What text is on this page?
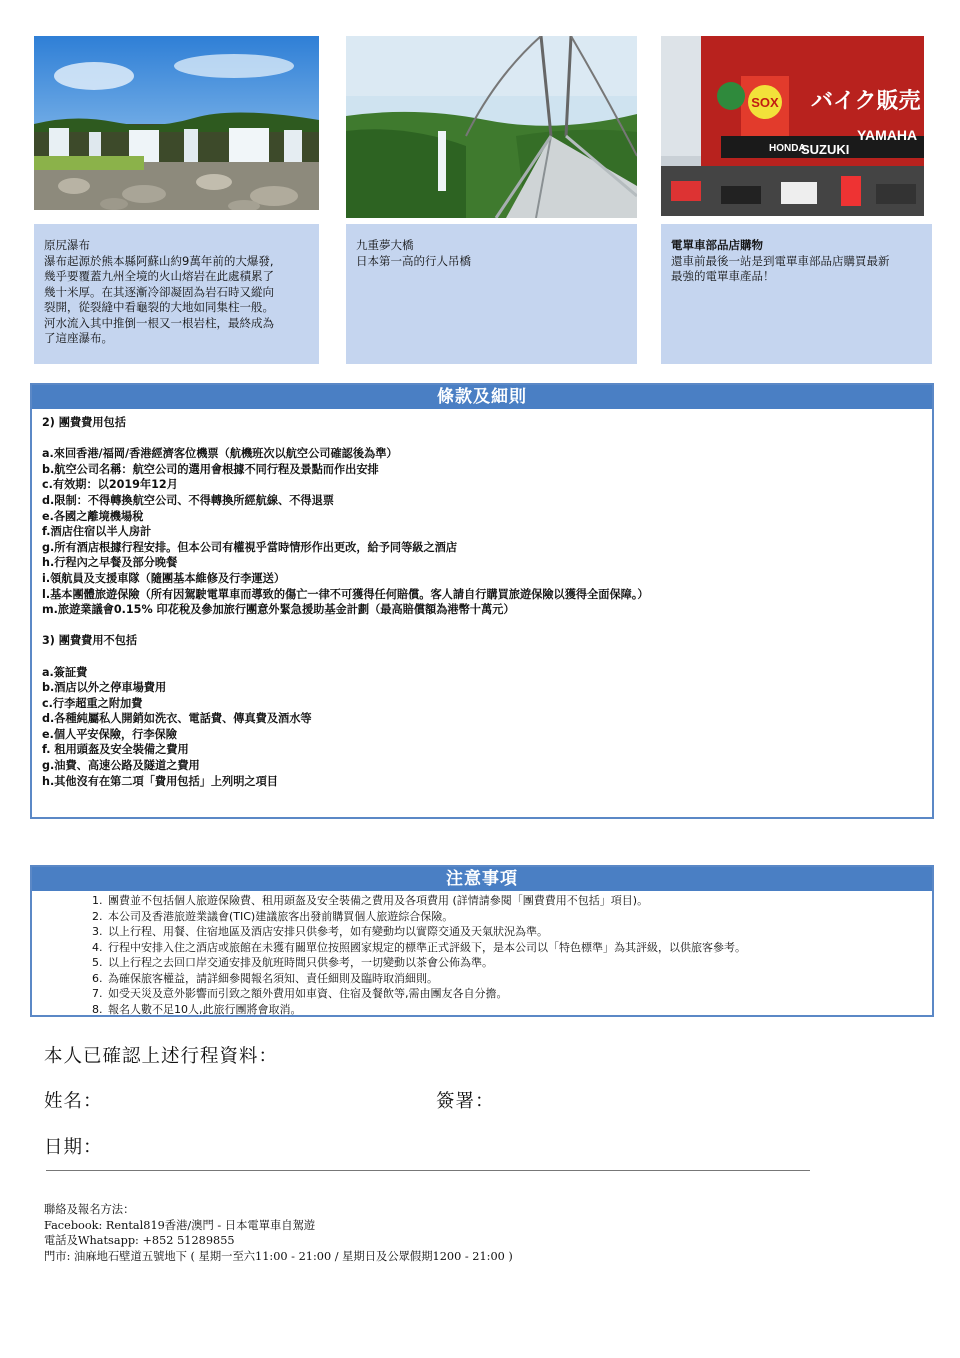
SOX バイク販売
HONDA
SUZUKI
YAMAHA
原尻瀑布
瀑布起源於熊本縣阿蘇山約9萬年前的大爆發,
幾乎要覆蓋九州全境的火山熔岩在此處積累了
幾十米厚。在其逐漸冷卻凝固為岩石時又縱向
裂開，從裂縫中看龜裂的大地如同集柱一般。
河水流入其中推倒一根又一根岩柱，最終成為
了這座瀑布。
九重夢大橋
日本第一高的行人吊橋
電單車部品店購物
還車前最後一站是到電單車部品店購買最新
最強的電單車產品！
條款及細則
2) 團費費用包括
a.來回香港/福岡/香港經濟客位機票（航機班次以航空公司確認後為準）
b.航空公司名稱：航空公司的選用會根據不同行程及景點而作出安排
c.有效期：以2019年12月
d.限制：不得轉換航空公司、不得轉換所經航線、不得退票
e.各國之離境機場稅
f.酒店住宿以半人房計
g.所有酒店根據行程安排。但本公司有權視乎當時情形作出更改，給予同等級之酒店
h.行程內之早餐及部分晚餐
i.領航員及支援車隊（隨團基本維修及行李運送）
l.基本團體旅遊保險（所有因駕駛電單車而導致的傷亡一律不可獲得任何賠償。客人請自行購買旅遊保險以獲得全面保障。）
m.旅遊業議會0.15% 印花稅及參加旅行團意外緊急援助基金計劃（最高賠償額為港幣十萬元）
3) 團費費用不包括
a.簽証費
b.酒店以外之停車場費用
c.行李超重之附加費
d.各種純屬私人開銷如洗衣、電話費、傳真費及酒水等
e.個人平安保險，行李保險
f. 租用頭盔及安全裝備之費用
g.油費、高速公路及隧道之費用
h.其他沒有在第二項「費用包括」上列明之項目
注意事項
1. 團費並不包括個人旅遊保險費、租用頭盔及安全裝備之費用及各項費用 (詳情請參閱「團費費用不包括」項目)。
2. 本公司及香港旅遊業議會(TIC)建議旅客出發前購買個人旅遊綜合保險。
3. 以上行程、用餐、住宿地區及酒店安排只供參考，如有變動均以實際交通及天氣狀況為準。
4. 行程中安排入住之酒店或旅館在未獲有關單位按照國家規定的標準正式評級下，是本公司以「特色標準」為其評級，以供旅客參考。
5. 以上行程之去回口岸交通安排及航班時間只供參考，一切變動以茶會公佈為準。
6. 為確保旅客權益，請詳細參閱報名須知、責任細則及臨時取消細則。
7. 如受天災及意外影響而引致之額外費用如車資、住宿及餐飲等,需由團友各自分擔。
8. 報名人數不足10人,此旅行團將會取消。
本人已確認上述行程資料：
姓名：	簽署：
日期：
聯絡及報名方法：
Facebook: Rental819香港/澳門 - 日本電單車自駕遊
電話及Whatsapp: +852 51289855
門市: 油麻地石壁道五號地下 ( 星期一至六11:00 - 21:00 / 星期日及公眾假期1200 - 21:00 )
